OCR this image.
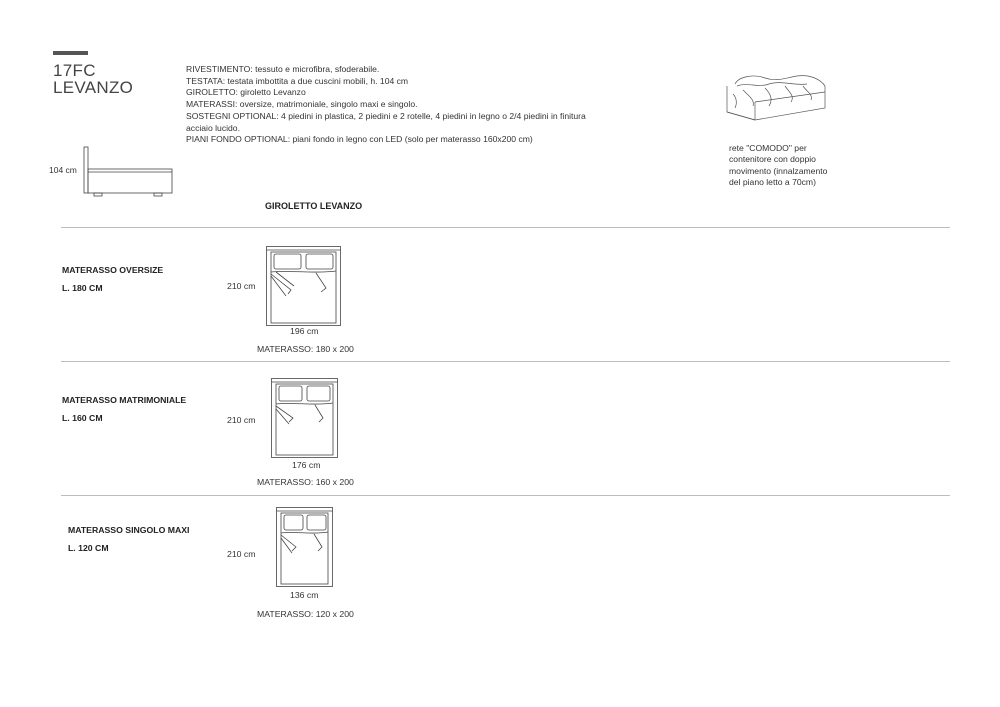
17FC
LEVANZO
RIVESTIMENTO: tessuto e microfibra, sfoderabile.
TESTATA: testata imbottita a due cuscini mobili, h. 104 cm
GIROLETTO: giroletto Levanzo
MATERASSI: oversize, matrimoniale, singolo maxi e singolo.
SOSTEGNI OPTIONAL: 4 piedini in plastica, 2 piedini e 2 rotelle, 4 piedini in legno o 2/4 piedini in finitura acciaio lucido.
PIANI FONDO OPTIONAL: piani fondo in legno con LED (solo per materasso 160x200 cm)
104 cm
rete "COMODO" per
contenitore con doppio
movimento (innalzamento
del piano letto a 70cm)
GIROLETTO LEVANZO
MATERASSO OVERSIZE
L. 180 CM	210 cm
196 cm
MATERASSO: 180 x 200
MATERASSO MATRIMONIALE
L. 160 CM	210 cm
176 cm
MATERASSO: 160 x 200
MATERASSO SINGOLO MAXI
L. 120 CM
210 cm
136 cm
MATERASSO: 120 x 200
